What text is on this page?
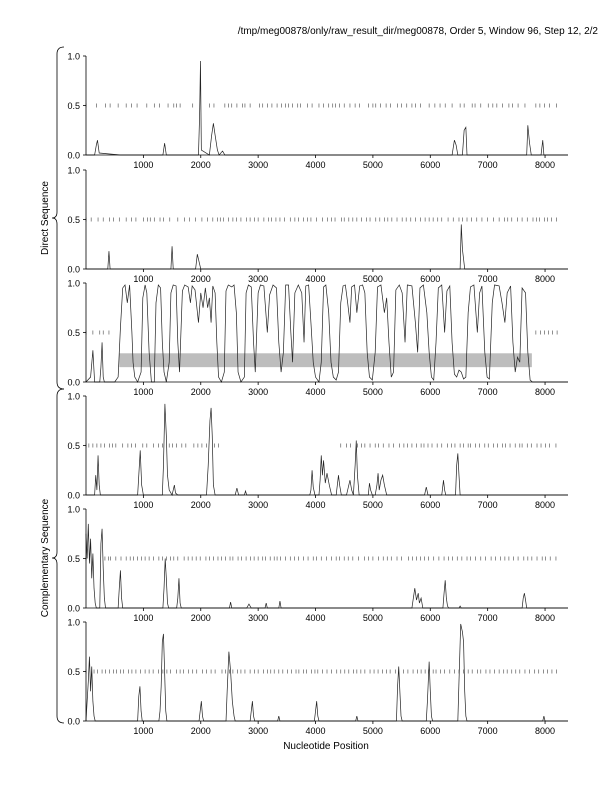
0.0
0.5
1.0
1000	2000	3000	4000	5000	6000	7000	8000
0.0
0.5
1.0
1000	2000	3000	4000	5000	6000	7000	8000
0.0
0.5
1.0
1000	2000	3000	4000	5000	6000	7000	8000
0.0
0.5
1.0
1000	2000	3000	4000	5000	6000	7000	8000
0.0
0.5
1.0
1000	2000	3000	4000	5000	6000	7000	8000
0.0
0.5
1.0
1000	2000	3000	4000	5000	6000	7000	8000
Direct Sequence
Complementary Sequence
Nucleotide Position
/tmp/meg00878/only/raw_result_dir/meg00878, Order 5, Window 96, Step 12, 2/2
